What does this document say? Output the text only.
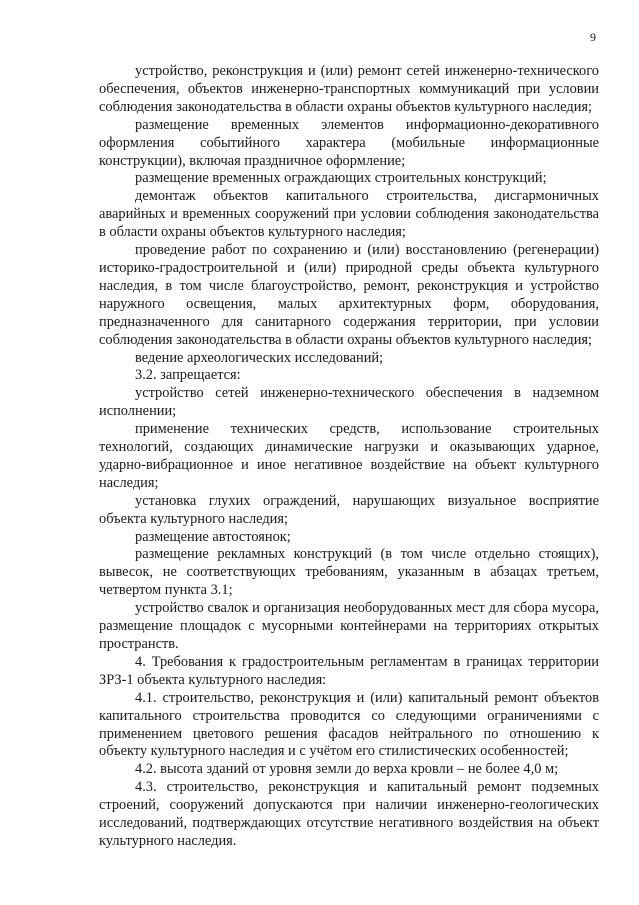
9

устройство, реконструкция и (или) ремонт сетей инженерно-технического обеспечения, объектов инженерно-транспортных коммуникаций при условии соблюдения законодательства в области охраны объектов культурного наследия;

размещение временных элементов информационно-декоративного оформления событийного характера (мобильные информационные конструкции), включая праздничное оформление;

размещение временных ограждающих строительных конструкций;

демонтаж объектов капитального строительства, дисгармоничных аварийных и временных сооружений при условии соблюдения законодательства в области охраны объектов культурного наследия;

проведение работ по сохранению и (или) восстановлению (регенерации) историко-градостроительной и (или) природной среды объекта культурного наследия, в том числе благоустройство, ремонт, реконструкция и устройство наружного освещения, малых архитектурных форм, оборудования, предназначенного для санитарного содержания территории, при условии соблюдения законодательства в области охраны объектов культурного наследия;

ведение археологических исследований;

3.2. запрещается:

устройство сетей инженерно-технического обеспечения в надземном исполнении;

применение технических средств, использование строительных технологий, создающих динамические нагрузки и оказывающих ударное, ударно-вибрационное и иное негативное воздействие на объект культурного наследия;

установка глухих ограждений, нарушающих визуальное восприятие объекта культурного наследия;

размещение автостоянок;

размещение рекламных конструкций (в том числе отдельно стоящих), вывесок, не соответствующих требованиям, указанным в абзацах третьем, четвертом пункта 3.1;

устройство свалок и организация необорудованных мест для сбора мусора, размещение площадок с мусорными контейнерами на территориях открытых пространств.

4. Требования к градостроительным регламентам в границах территории ЗРЗ-1 объекта культурного наследия:

4.1. строительство, реконструкция и (или) капитальный ремонт объектов капитального строительства проводится со следующими ограничениями с применением цветового решения фасадов нейтрального по отношению к объекту культурного наследия и с учётом его стилистических особенностей;

4.2. высота зданий от уровня земли до верха кровли – не более 4,0 м;

4.3. строительство, реконструкция и капитальный ремонт подземных строений, сооружений допускаются при наличии инженерно-геологических исследований, подтверждающих отсутствие негативного воздействия на объект культурного наследия.
